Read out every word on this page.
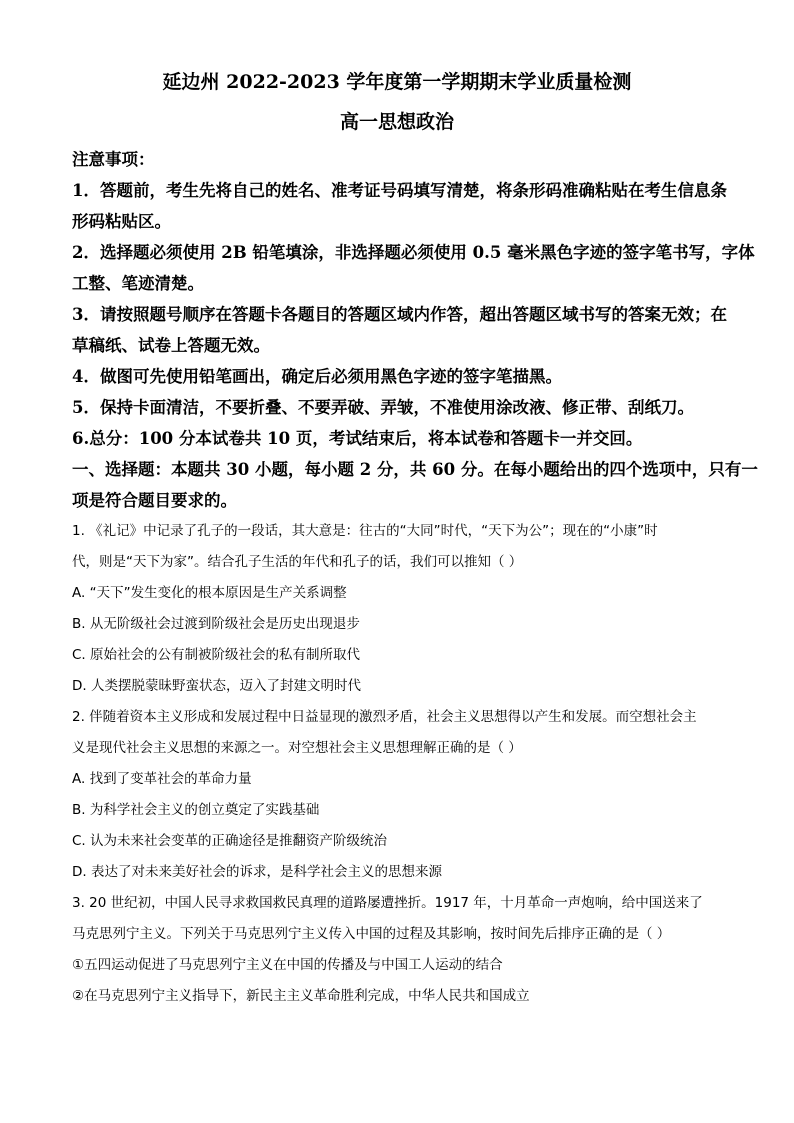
延边州 2022-2023 学年度第一学期期末学业质量检测
高一思想政治
注意事项：
1．答题前，考生先将自己的姓名、准考证号码填写清楚，将条形码准确粘贴在考生信息条
形码粘贴区。
2．选择题必须使用 2B 铅笔填涂，非选择题必须使用 0.5 毫米黑色字迹的签字笔书写，字体
工整、笔迹清楚。
3．请按照题号顺序在答题卡各题目的答题区域内作答，超出答题区域书写的答案无效；在
草稿纸、试卷上答题无效。
4．做图可先使用铅笔画出，确定后必须用黑色字迹的签字笔描黑。
5．保持卡面清洁，不要折叠、不要弄破、弄皱，不准使用涂改液、修正带、刮纸刀。
6.总分：100 分本试卷共 10 页，考试结束后，将本试卷和答题卡一并交回。
一、选择题：本题共 30 小题，每小题 2 分，共 60 分。在每小题给出的四个选项中，只有一
项是符合题目要求的。
1. 《礼记》中记录了孔子的一段话，其大意是：往古的“大同”时代，“天下为公”；现在的“小康”时
代，则是“天下为家”。结合孔子生活的年代和孔子的话，我们可以推知（ ）
A. “天下”发生变化的根本原因是生产关系调整
B. 从无阶级社会过渡到阶级社会是历史出现退步
C. 原始社会的公有制被阶级社会的私有制所取代
D. 人类摆脱蒙昧野蛮状态，迈入了封建文明时代
2. 伴随着资本主义形成和发展过程中日益显现的激烈矛盾，社会主义思想得以产生和发展。而空想社会主
义是现代社会主义思想的来源之一。对空想社会主义思想理解正确的是（ ）
A. 找到了变革社会的革命力量
B. 为科学社会主义的创立奠定了实践基础
C. 认为未来社会变革的正确途径是推翻资产阶级统治
D. 表达了对未来美好社会的诉求，是科学社会主义的思想来源
3. 20 世纪初，中国人民寻求救国救民真理的道路屡遭挫折。1917 年，十月革命一声炮响，给中国送来了
马克思列宁主义。下列关于马克思列宁主义传入中国的过程及其影响，按时间先后排序正确的是（ ）
①五四运动促进了马克思列宁主义在中国的传播及与中国工人运动的结合
②在马克思列宁主义指导下，新民主主义革命胜利完成，中华人民共和国成立
